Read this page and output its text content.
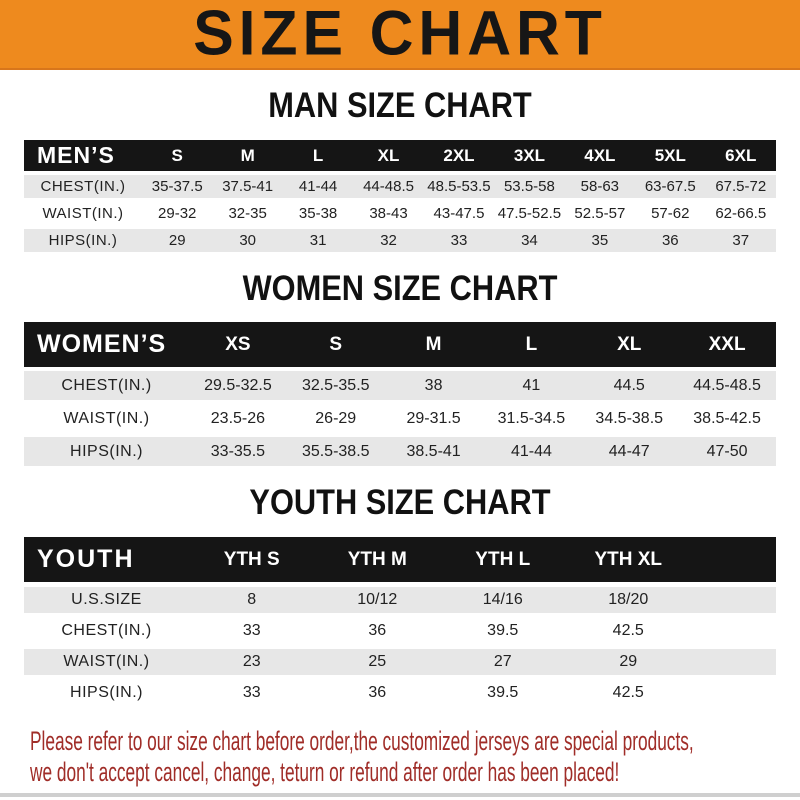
SIZE CHART
MAN SIZE CHART
MEN’S	S	M	L	XL	2XL	3XL	4XL	5XL	6XL
CHEST(IN.)	35-37.5	37.5-41	41-44	44-48.5	48.5-53.5	53.5-58	58-63	63-67.5	67.5-72
WAIST(IN.)	29-32	32-35	35-38	38-43	43-47.5	47.5-52.5	52.5-57	57-62	62-66.5
HIPS(IN.)	29	30	31	32	33	34	35	36	37
WOMEN SIZE CHART
WOMEN’S	XS	S	M	L	XL	XXL
CHEST(IN.)	29.5-32.5	32.5-35.5	38	41	44.5	44.5-48.5
WAIST(IN.)	23.5-26	26-29	29-31.5	31.5-34.5	34.5-38.5	38.5-42.5
HIPS(IN.)	33-35.5	35.5-38.5	38.5-41	41-44	44-47	47-50
YOUTH SIZE CHART
YOUTH	YTH S	YTH M	YTH L	YTH XL	
U.S.SIZE	8	10/12	14/16	18/20	
CHEST(IN.)	33	36	39.5	42.5	
WAIST(IN.)	23	25	27	29	
HIPS(IN.)	33	36	39.5	42.5	

Please refer to our size chart before order,the customized jerseys are special products,

we don't accept cancel, change, teturn or refund after order has been placed!
